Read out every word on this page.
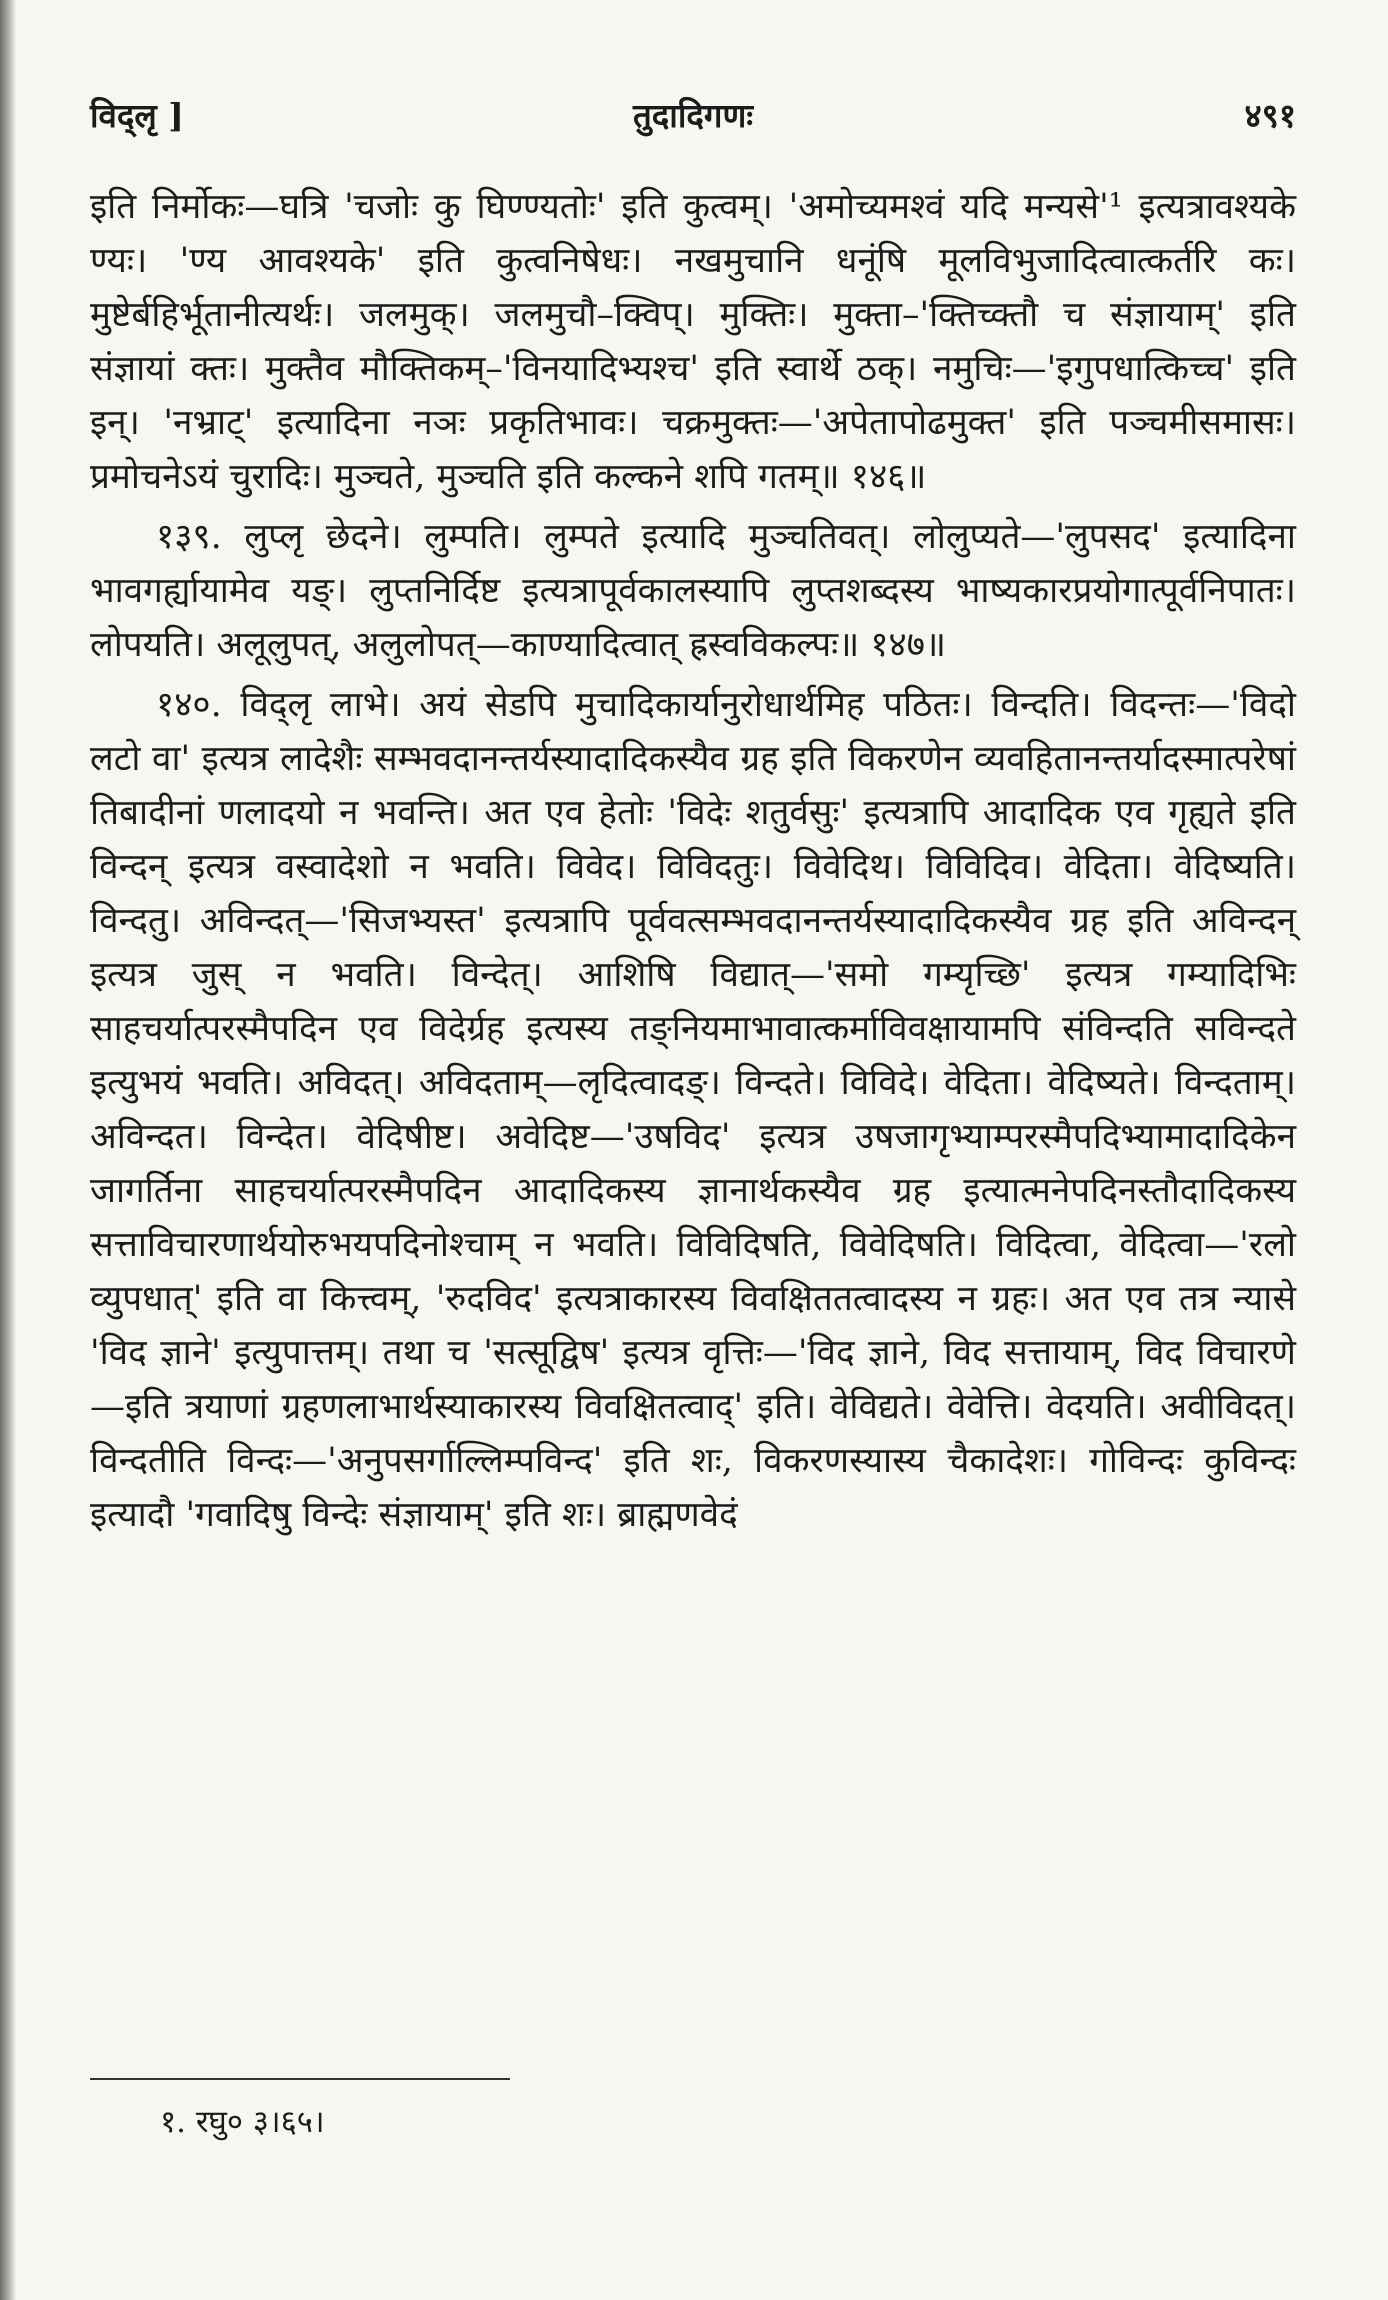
विद्लृ ]	तुदादिगणः	४९१

इति निर्मोकः—घत्रि 'चजोः कु घिण्ण्यतोः' इति कुत्वम्। 'अमोच्यमश्वं यदि मन्यसे'¹ इत्यत्रावश्यके ण्यः। 'ण्य आवश्यके' इति कुत्वनिषेधः। नखमुचानि धनूंषि मूलविभुजादित्वात्कर्तरि कः। मुष्टेर्बहिर्भूतानीत्यर्थः। जलमुक्। जलमुचौ–क्विप्। मुक्तिः। मुक्ता–'क्तिच्क्तौ च संज्ञायाम्' इति संज्ञायां क्तः। मुक्तैव मौक्तिकम्–'विनयादिभ्यश्च' इति स्वार्थे ठक्। नमुचिः—'इगुपधात्किच्च' इति इन्। 'नभ्राट्' इत्यादिना नञः प्रकृतिभावः। चक्रमुक्तः—'अपेतापोढमुक्त' इति पञ्चमीसमासः। प्रमोचनेऽयं चुरादिः। मुञ्चते, मुञ्चति इति कल्कने शपि गतम्॥ १४६॥

१३९. लुप्लृ छेदने। लुम्पति। लुम्पते इत्यादि मुञ्चतिवत्। लोलुप्यते—'लुपसद' इत्यादिना भावगर्ह्यायामेव यङ्। लुप्तनिर्दिष्ट इत्यत्रापूर्वकालस्यापि लुप्तशब्दस्य भाष्यकारप्रयोगात्पूर्वनिपातः। लोपयति। अलूलुपत्, अलुलोपत्—काण्यादित्वात् ह्रस्वविकल्पः॥ १४७॥

१४०. विद्लृ लाभे। अयं सेडपि मुचादिकार्यानुरोधार्थमिह पठितः। विन्दति। विदन्तः—'विदो लटो वा' इत्यत्र लादेशैः सम्भवदानन्तर्यस्यादादिकस्यैव ग्रह इति विकरणेन व्यवहितानन्तर्यादस्मात्परेषां तिबादीनां णलादयो न भवन्ति। अत एव हेतोः 'विदेः शतुर्वसुः' इत्यत्रापि आदादिक एव गृह्यते इति विन्दन् इत्यत्र वस्वादेशो न भवति। विवेद। विविदतुः। विवेदिथ। विविदिव। वेदिता। वेदिष्यति। विन्दतु। अविन्दत्—'सिजभ्यस्त' इत्यत्रापि पूर्ववत्सम्भवदानन्तर्यस्यादादिकस्यैव ग्रह इति अविन्दन् इत्यत्र जुस् न भवति। विन्देत्। आशिषि विद्यात्—'समो गम्यृच्छि' इत्यत्र गम्यादिभिः साहचर्यात्परस्मैपदिन एव विदेर्ग्रह इत्यस्य तङ्नियमाभावात्कर्माविवक्षायामपि संविन्दति सविन्दते इत्युभयं भवति। अविदत्। अविदताम्—लृदित्वादङ्। विन्दते। विविदे। वेदिता। वेदिष्यते। विन्दताम्। अविन्दत। विन्देत। वेदिषीष्ट। अवेदिष्ट—'उषविद' इत्यत्र उषजागृभ्याम्परस्मैपदिभ्यामादादिकेन जागर्तिना साहचर्यात्परस्मैपदिन आदादिकस्य ज्ञानार्थकस्यैव ग्रह इत्यात्मनेपदिनस्तौदादिकस्य सत्ताविचारणार्थयोरुभयपदिनोश्चाम् न भवति। विविदिषति, विवेदिषति। विदित्वा, वेदित्वा—'रलो व्युपधात्' इति वा कित्त्वम्, 'रुदविद' इत्यत्राकारस्य विवक्षिततत्वादस्य न ग्रहः। अत एव तत्र न्यासे 'विद ज्ञाने' इत्युपात्तम्। तथा च 'सत्सूद्विष' इत्यत्र वृत्तिः—'विद ज्ञाने, विद सत्तायाम्, विद विचारणे—इति त्रयाणां ग्रहणलाभार्थस्याकारस्य विवक्षितत्वाद्' इति। वेविद्यते। वेवेत्ति। वेदयति। अवीविदत्। विन्दतीति विन्दः—'अनुपसर्गाल्लिम्पविन्द' इति शः, विकरणस्यास्य चैकादेशः। गोविन्दः कुविन्दः इत्यादौ 'गवादिषु विन्देः संज्ञायाम्' इति शः। ब्राह्मणवेदं

१. रघु० ३।६५।
